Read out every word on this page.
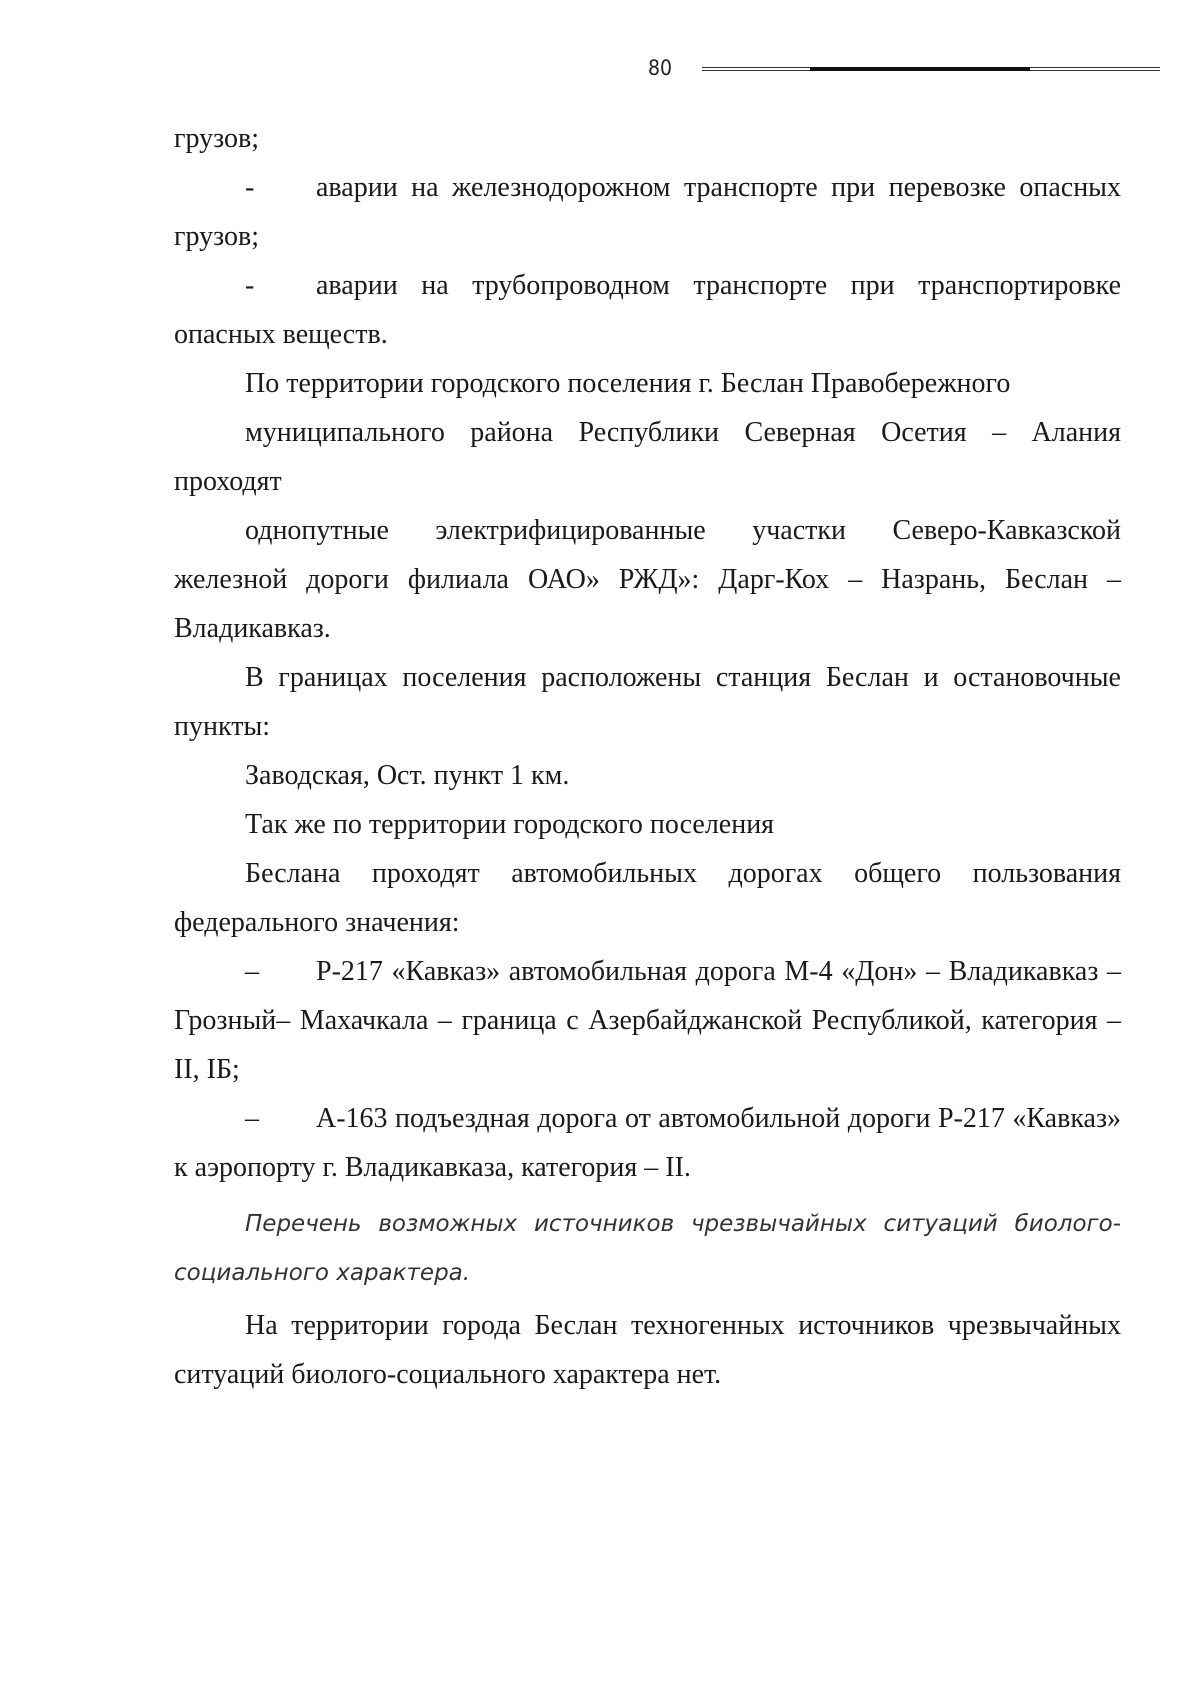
80

грузов;

- аварии на железнодорожном транспорте при перевозке опасных грузов;

- аварии на трубопроводном транспорте при транспортировке опасных веществ.

По территории городского поселения г. Беслан Правобережного

муниципального района Республики Северная Осетия – Алания проходят

однопутные электрифицированные участки Северо-Кавказской железной дороги филиала ОАО» РЖД»: Дарг-Кох – Назрань, Беслан – Владикавказ.

В границах поселения расположены станция Беслан и остановочные пункты:

Заводская, Ост. пункт 1 км.

Так же по территории городского поселения

Беслана проходят автомобильных дорогах общего пользования федерального значения:

– Р-217 «Кавказ» автомобильная дорога М-4 «Дон» – Владикавказ – Грозный– Махачкала – граница с Азербайджанской Республикой, категория – II, IБ;

– А-163 подъездная дорога от автомобильной дороги Р-217 «Кавказ» к аэропорту г. Владикавказа, категория – II.

Перечень возможных источников чрезвычайных ситуаций биолого-социального характера.

На территории города Беслан техногенных источников чрезвычайных ситуаций биолого-социального характера нет.
